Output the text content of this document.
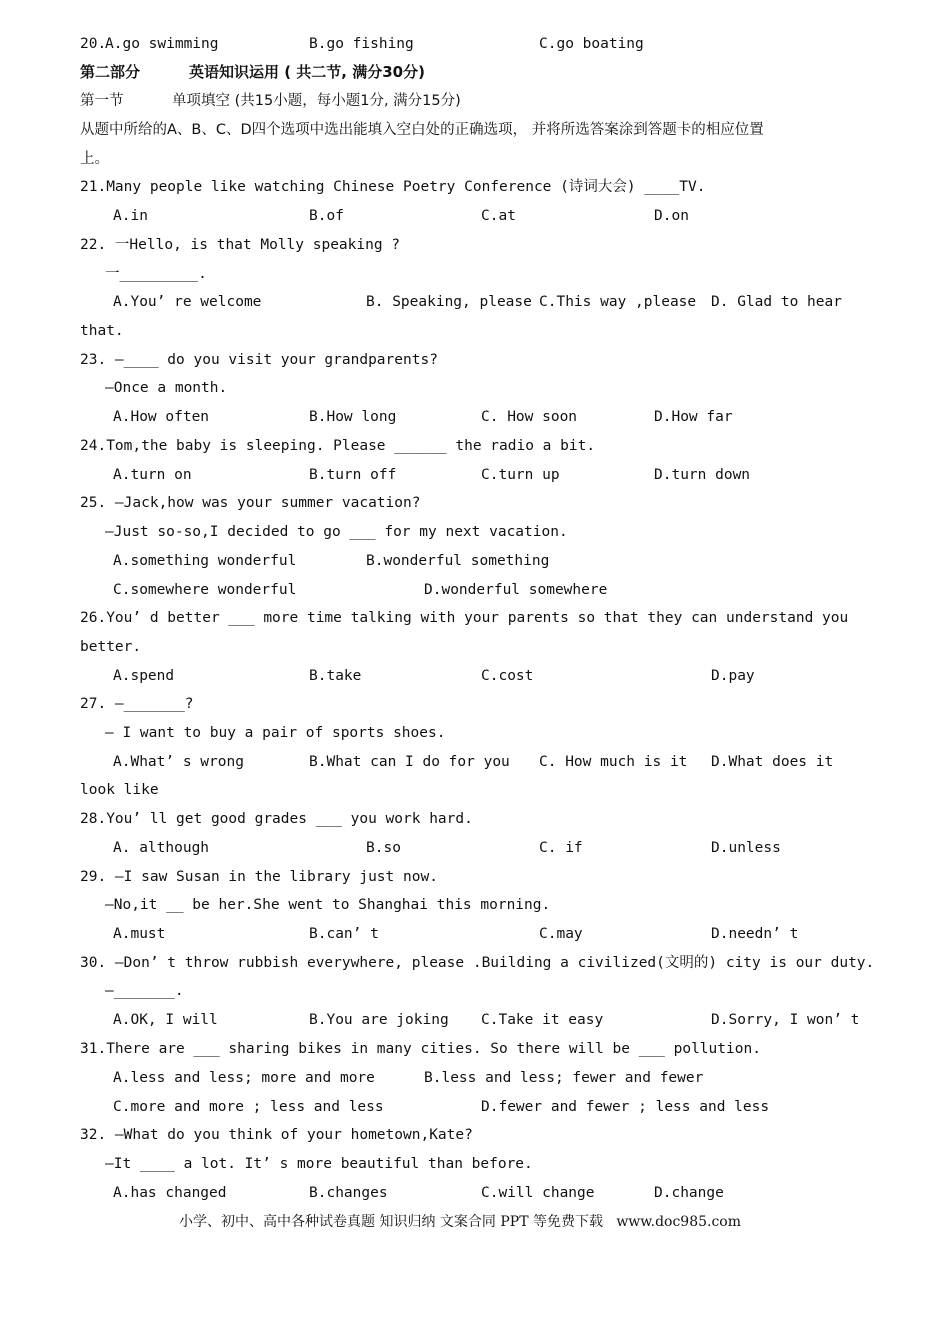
20.
A.go swimming	B.go fishing	C.go boating
第二部分	英语知识运用 ( 共二节, 满分30分)
第一节	单项填空 (共15小题，每小题1分, 满分15分)
从题中所给的A、B、C、D四个选项中选出能填入空白处的正确选项， 并将所选答案涂到答题卡的相应位置
上。
21.Many people like watching Chinese Poetry Conference (诗词大会) ____TV.
A.in	B.of	C.at	D.on
22. 一Hello, is that Molly speaking ?
一_________.
A.You’ re welcome	B. Speaking, please C.This way ,please D. Glad to hear
that.
23. —____ do you visit your grandparents?
—Once a month.
A.How often	B.How long	C. How soon	D.How far
24.Tom,the baby is sleeping. Please ______ the radio a bit.
A.turn on	B.turn off	C.turn up	D.turn down
25. —Jack,how was your summer vacation?
—Just so-so,I decided to go ___ for my next vacation.
A.something wonderful	B.wonderful something
C.somewhere wonderful	D.wonderful somewhere
26.You’ d better ___ more time talking with your parents so that they can understand you
better.
A.spend	B.take	C.cost	D.pay
27. —_______?
— I want to buy a pair of sports shoes.
A.What’ s wrong	B.What can I do for you C. How much is it D.What does it
look like
28.You’ ll get good grades ___ you work hard.
A. although	B.so	C. if	D.unless
29. —I saw Susan in the library just now.
—No,it __ be her.She went to Shanghai this morning.
A.must	B.can’ t	C.may	D.needn’ t
30. —Don’ t throw rubbish everywhere, please .Building a civilized(文明的) city is our duty.
—_______.
A.OK, I will	B.You are joking C.Take it easy	D.Sorry, I won’ t
31.There are ___ sharing bikes in many cities. So there will be ___ pollution.
A.less and less; more and more	B.less and less; fewer and fewer
C.more and more ; less and less	D.fewer and fewer ; less and less
32. —What do you think of your hometown,Kate?
—It ____ a lot. It’ s more beautiful than before.
A.has changed	B.changes	C.will change	D.change
小学、初中、高中各种试卷真题 知识归纳 文案合同 PPT 等免费下载   www.doc985.com
